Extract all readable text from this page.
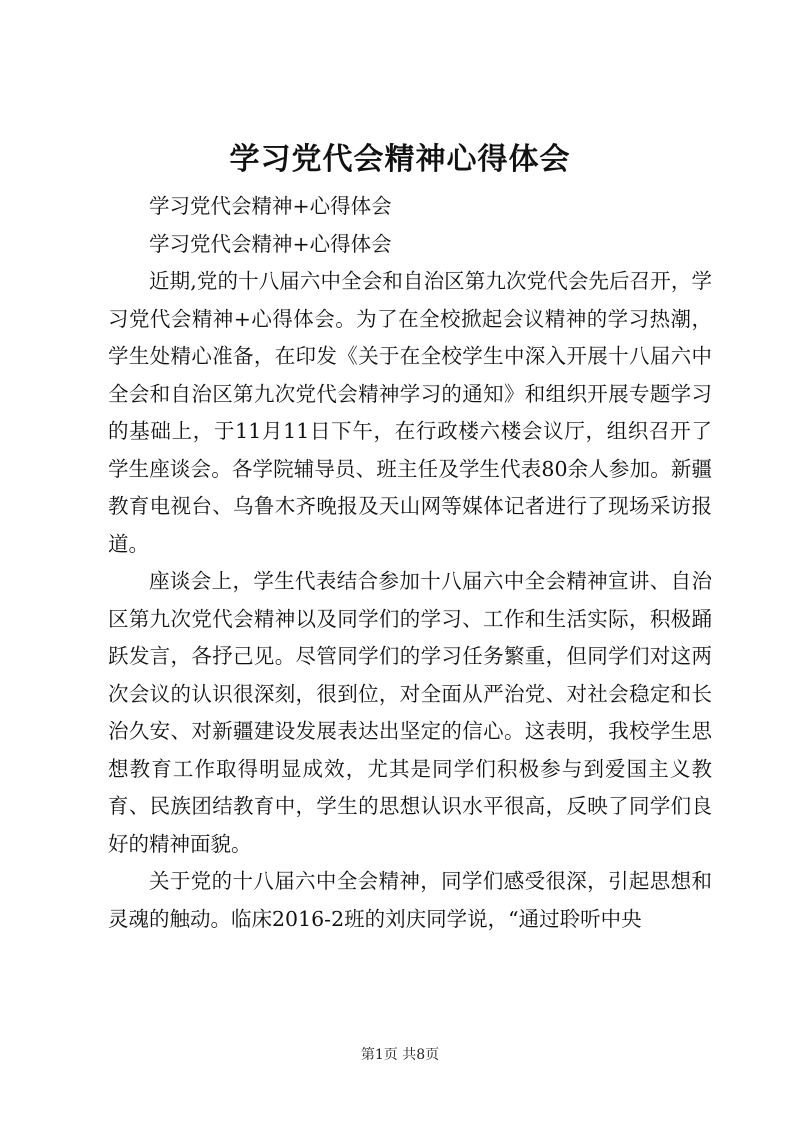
学习党代会精神心得体会

学习党代会精神+心得体会

学习党代会精神+心得体会

近期,党的十八届六中全会和自治区第九次党代会先后召开，学习党代会精神+心得体会。为了在全校掀起会议精神的学习热潮，学生处精心准备，在印发《关于在全校学生中深入开展十八届六中全会和自治区第九次党代会精神学习的通知》和组织开展专题学习的基础上，于11月11日下午，在行政楼六楼会议厅，组织召开了学生座谈会。各学院辅导员、班主任及学生代表80余人参加。新疆教育电视台、乌鲁木齐晚报及天山网等媒体记者进行了现场采访报道。

座谈会上，学生代表结合参加十八届六中全会精神宣讲、自治区第九次党代会精神以及同学们的学习、工作和生活实际，积极踊跃发言，各抒己见。尽管同学们的学习任务繁重，但同学们对这两次会议的认识很深刻，很到位，对全面从严治党、对社会稳定和长治久安、对新疆建设发展表达出坚定的信心。这表明，我校学生思想教育工作取得明显成效，尤其是同学们积极参与到爱国主义教育、民族团结教育中，学生的思想认识水平很高，反映了同学们良好的精神面貌。

关于党的十八届六中全会精神，同学们感受很深，引起思想和灵魂的触动。临床2016-2班的刘庆同学说，“通过聆听中央

第1页 共8页
